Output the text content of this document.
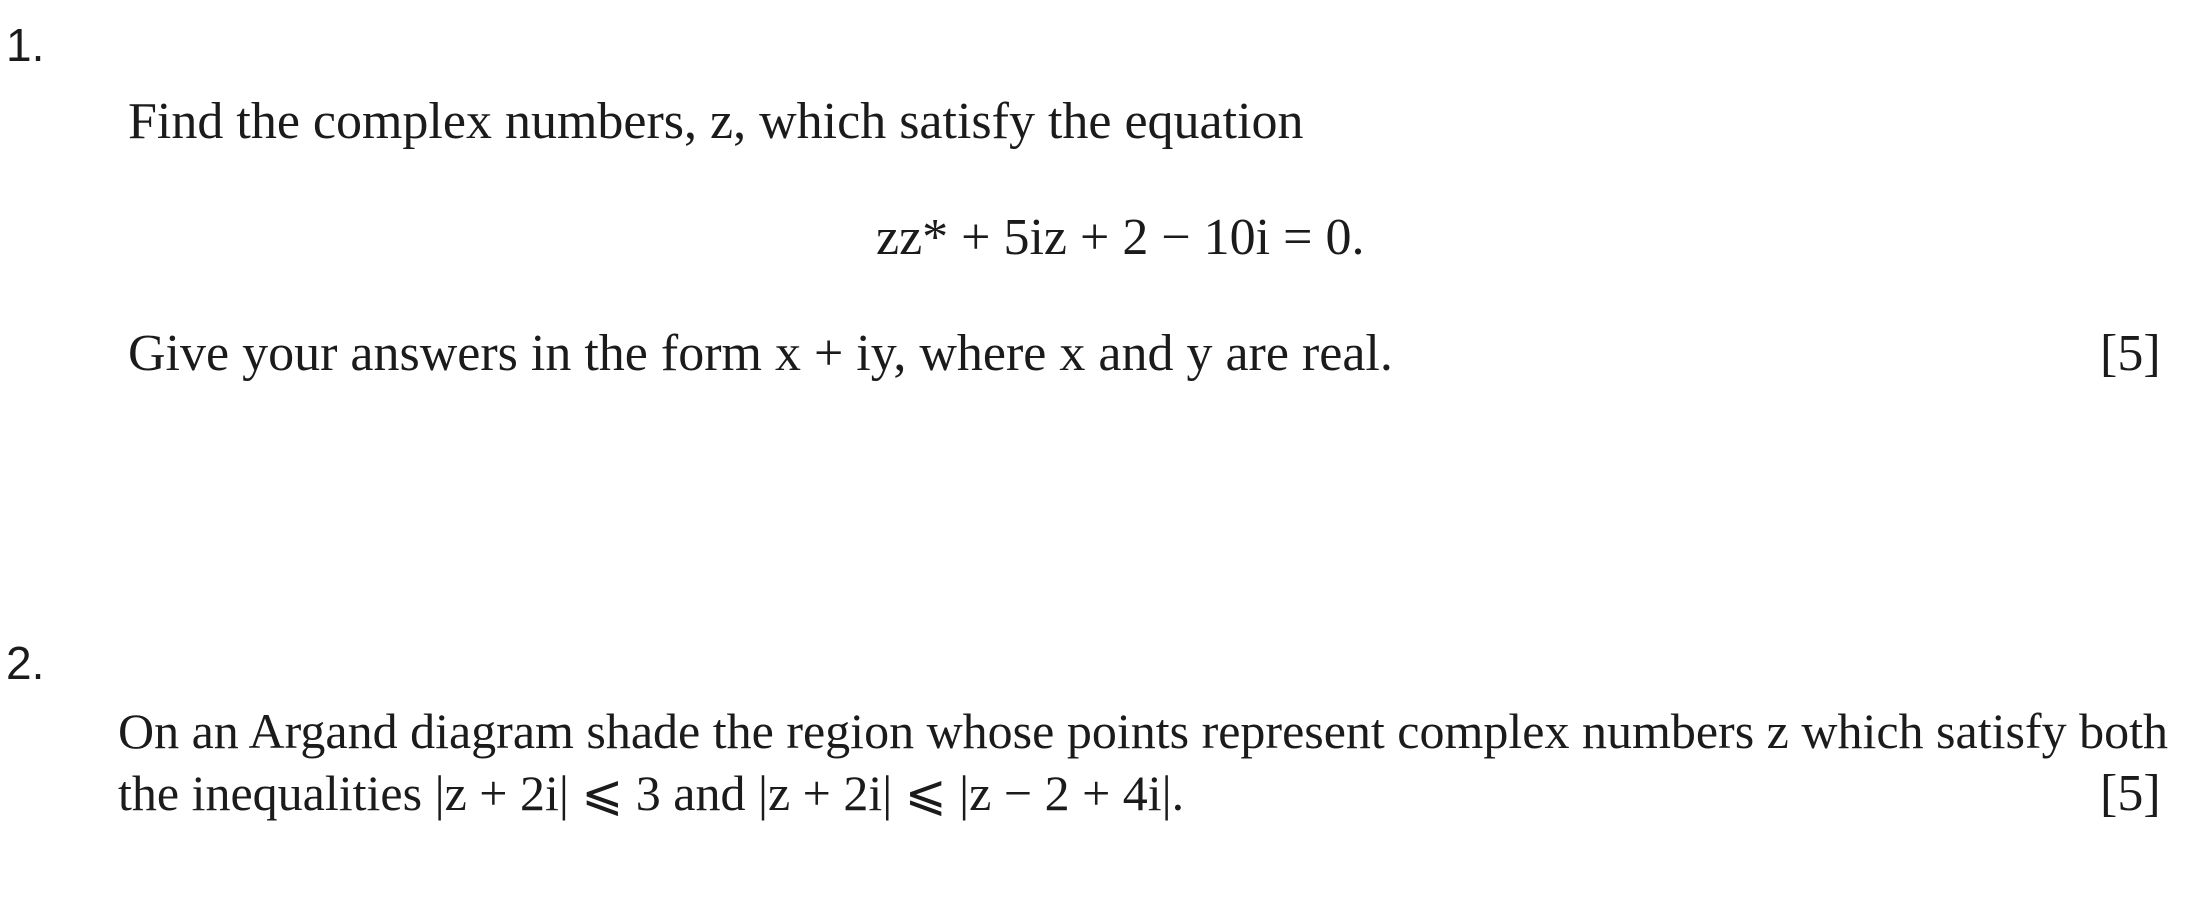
1.
Find the complex numbers, z, which satisfy the equation
zz* + 5iz + 2 − 10i = 0.
Give your answers in the form x + iy, where x and y are real.	[5]
2.
On an Argand diagram shade the region whose points represent complex numbers z which satisfy both
the inequalities |z + 2i| ⩽ 3 and |z + 2i| ⩽ |z − 2 + 4i|.	[5]
